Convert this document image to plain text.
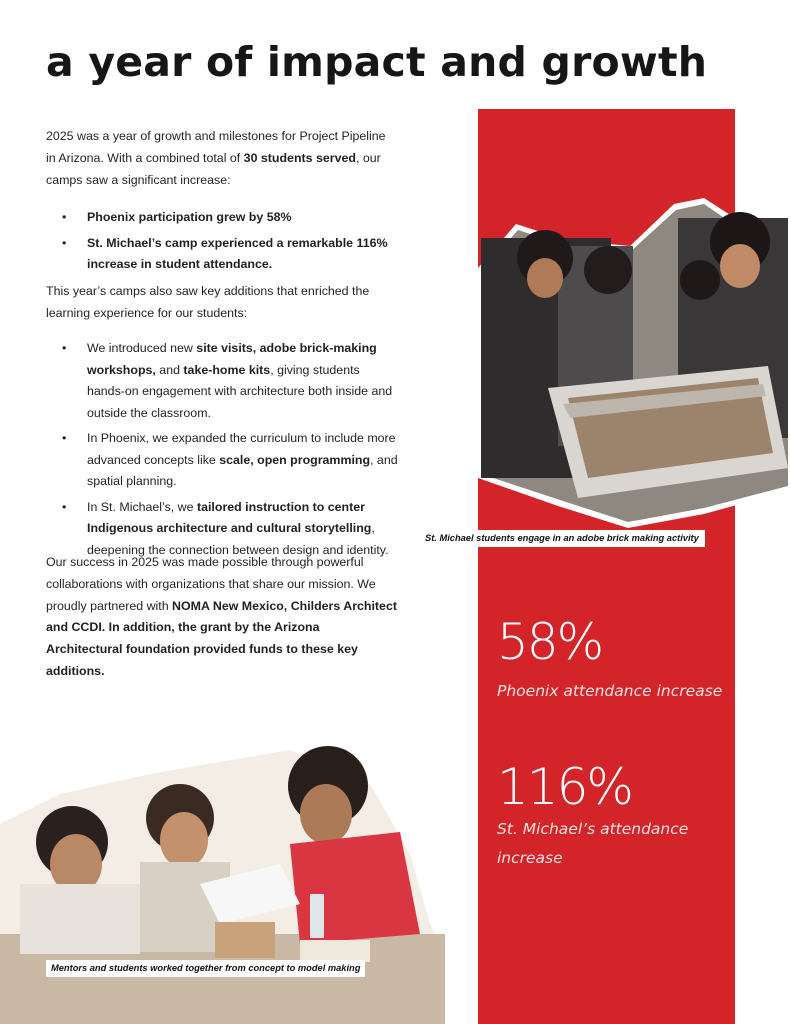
a year of impact and growth

2025 was a year of growth and milestones for Project Pipeline in Arizona. With a combined total of 30 students served, our camps saw a significant increase:

• Phoenix participation grew by 58%
• St. Michael’s camp experienced a remarkable 116% increase in student attendance.

This year’s camps also saw key additions that enriched the learning experience for our students:

• We introduced new site visits, adobe brick-making workshops, and take-home kits, giving students hands-on engagement with architecture both inside and outside the classroom.
• In Phoenix, we expanded the curriculum to include more advanced concepts like scale, open programming, and spatial planning.
• In St. Michael’s, we tailored instruction to center Indigenous architecture and cultural storytelling, deepening the connection between design and identity.

Our success in 2025 was made possible through powerful collaborations with organizations that share our mission. We proudly partnered with NOMA New Mexico, Childers Architect and CCDI. In addition, the grant by the Arizona Architectural foundation provided funds to these key additions.

St. Michael students engage in an adobe brick making activity
58%
Phoenix attendance increase
116%
St. Michael’s attendance increase
Mentors and students worked together from concept to model making
